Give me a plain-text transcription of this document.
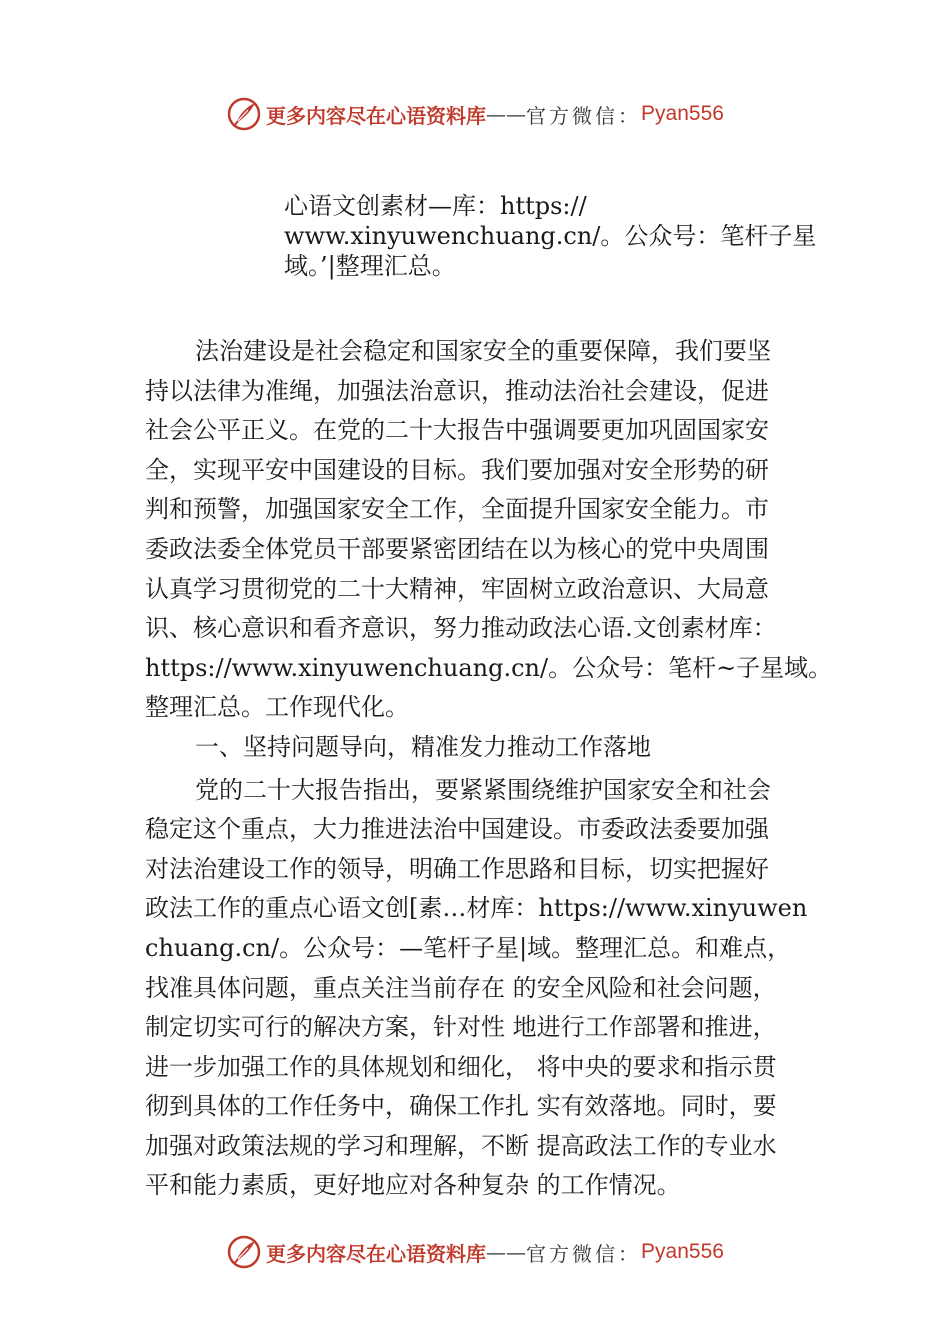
更多内容尽在心语资料库 —— 官方微信： Pyan556
心语文创素材—库：https://
www.xinyuwenchuang.cn/。公众号：笔杆子星
域。’|整理汇总。
法治建设是社会稳定和国家安全的重要保障，我们要坚
持以法律为准绳，加强法治意识，推动法治社会建设，促进
社会公平正义。在党的二十大报告中强调要更加巩固国家安
全，实现平安中国建设的目标。我们要加强对安全形势的研
判和预警，加强国家安全工作，全面提升国家安全能力。市
委政法委全体党员干部要紧密团结在以为核心的党中央周围
认真学习贯彻党的二十大精神，牢固树立政治意识、大局意
识、核心意识和看齐意识，努力推动政法心语.文创素材库：
https://www.xinyuwenchuang.cn/。公众号：笔杆~子星域。
整理汇总。工作现代化。
一、坚持问题导向，精准发力推动工作落地
党的二十大报告指出，要紧紧围绕维护国家安全和社会
稳定这个重点，大力推进法治中国建设。市委政法委要加强
对法治建设工作的领导，明确工作思路和目标，切实把握好
政法工作的重点心语文创[素…材库：https://www.xinyuwen
chuang.cn/。公众号：—笔杆子星|域。整理汇总。和难点，
找准具体问题，重点关注当前存在 的安全风险和社会问题，
制定切实可行的解决方案，针对性 地进行工作部署和推进，
进一步加强工作的具体规划和细化， 将中央的要求和指示贯
彻到具体的工作任务中，确保工作扎 实有效落地。同时，要
加强对政策法规的学习和理解，不断 提高政法工作的专业水
平和能力素质，更好地应对各种复杂 的工作情况。
更多内容尽在心语资料库 —— 官方微信： Pyan556
